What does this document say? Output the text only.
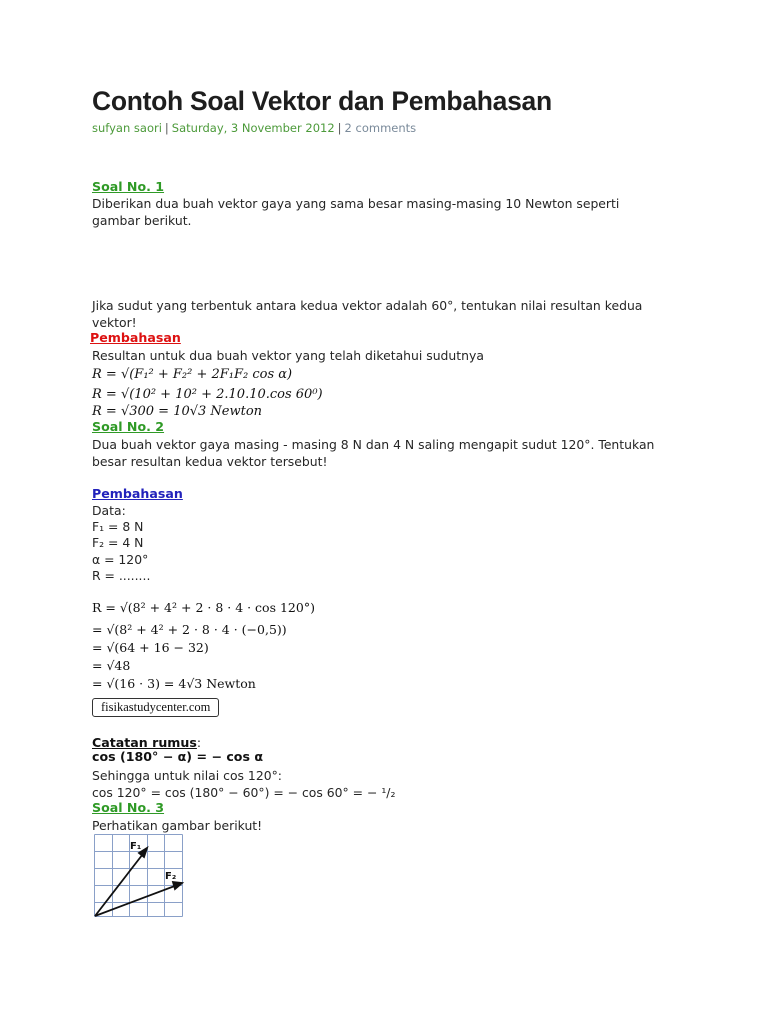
Contoh Soal Vektor dan Pembahasan
sufyan saori | Saturday, 3 November 2012 | 2 comments
Soal No. 1
Diberikan dua buah vektor gaya yang sama besar masing-masing 10 Newton seperti gambar berikut.
Jika sudut yang terbentuk antara kedua vektor adalah 60°, tentukan nilai resultan kedua vektor!
Pembahasan
Resultan untuk dua buah vektor yang telah diketahui sudutnya
R = √(F₁² + F₂² + 2F₁F₂ cos α)
R = √(10² + 10² + 2.10.10.cos 60⁰)
R = √300 = 10√3 Newton
Soal No. 2
Dua buah vektor gaya masing - masing 8 N dan 4 N saling mengapit sudut 120°. Tentukan besar resultan kedua vektor tersebut!
Pembahasan
Data:
F₁ = 8 N
F₂ = 4 N
α = 120°
R = ........
R = √(8² + 4² + 2 · 8 · 4 · cos 120°)
= √(8² + 4² + 2 · 8 · 4 · (−0,5))
= √(64 + 16 − 32)
= √48
= √(16 · 3) = 4√3 Newton
fisikastudycenter.com
Catatan rumus:
cos (180° − α) = − cos α
Sehingga untuk nilai cos 120°:
cos 120° = cos (180° − 60°) = − cos 60° = − ¹/₂
Soal No. 3
Perhatikan gambar berikut!
F₁
F₂
